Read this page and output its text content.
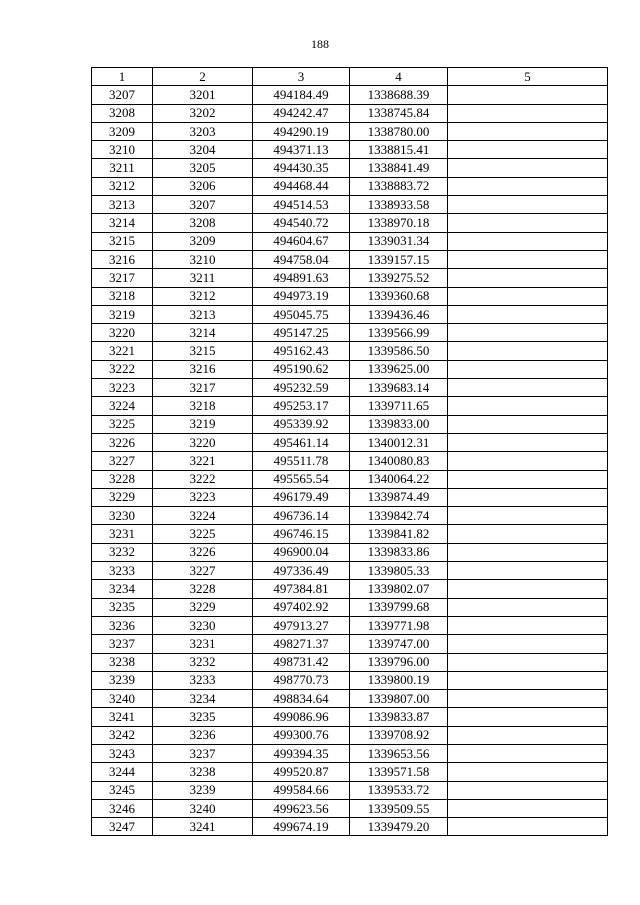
188
1	2	3	4	5
3207	3201	494184.49	1338688.39	
3208	3202	494242.47	1338745.84	
3209	3203	494290.19	1338780.00	
3210	3204	494371.13	1338815.41	
3211	3205	494430.35	1338841.49	
3212	3206	494468.44	1338883.72	
3213	3207	494514.53	1338933.58	
3214	3208	494540.72	1338970.18	
3215	3209	494604.67	1339031.34	
3216	3210	494758.04	1339157.15	
3217	3211	494891.63	1339275.52	
3218	3212	494973.19	1339360.68	
3219	3213	495045.75	1339436.46	
3220	3214	495147.25	1339566.99	
3221	3215	495162.43	1339586.50	
3222	3216	495190.62	1339625.00	
3223	3217	495232.59	1339683.14	
3224	3218	495253.17	1339711.65	
3225	3219	495339.92	1339833.00	
3226	3220	495461.14	1340012.31	
3227	3221	495511.78	1340080.83	
3228	3222	495565.54	1340064.22	
3229	3223	496179.49	1339874.49	
3230	3224	496736.14	1339842.74	
3231	3225	496746.15	1339841.82	
3232	3226	496900.04	1339833.86	
3233	3227	497336.49	1339805.33	
3234	3228	497384.81	1339802.07	
3235	3229	497402.92	1339799.68	
3236	3230	497913.27	1339771.98	
3237	3231	498271.37	1339747.00	
3238	3232	498731.42	1339796.00	
3239	3233	498770.73	1339800.19	
3240	3234	498834.64	1339807.00	
3241	3235	499086.96	1339833.87	
3242	3236	499300.76	1339708.92	
3243	3237	499394.35	1339653.56	
3244	3238	499520.87	1339571.58	
3245	3239	499584.66	1339533.72	
3246	3240	499623.56	1339509.55	
3247	3241	499674.19	1339479.20	
